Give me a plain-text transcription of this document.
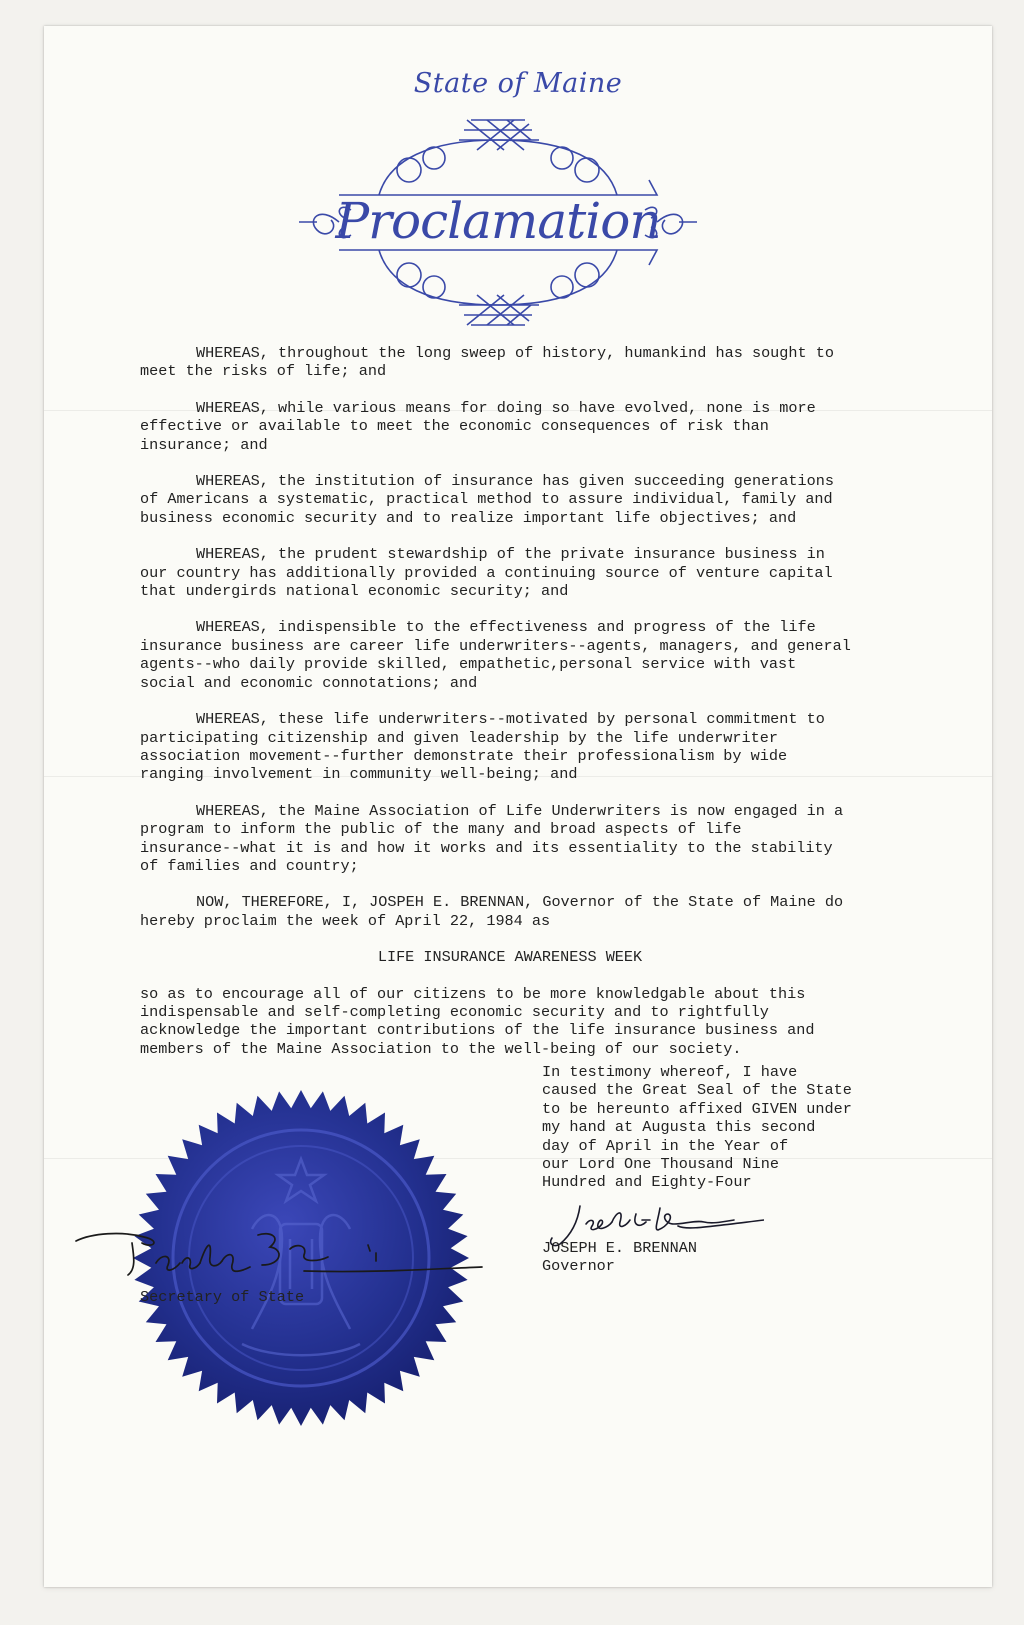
State of Maine
Proclamation

WHEREAS, throughout the long sweep of history, humankind has sought to
meet the risks of life; and

WHEREAS, while various means for doing so have evolved, none is more
effective or available to meet the economic consequences of risk than
insurance; and

WHEREAS, the institution of insurance has given succeeding generations
of Americans a systematic, practical method to assure individual, family and
business economic security and to realize important life objectives; and

WHEREAS, the prudent stewardship of the private insurance business in
our country has additionally provided a continuing source of venture capital
that undergirds national economic security; and

WHEREAS, indispensible to the effectiveness and progress of the life
insurance business are career life underwriters--agents, managers, and general
agents--who daily provide skilled, empathetic,personal service with vast
social and economic connotations; and

WHEREAS, these life underwriters--motivated by personal commitment to
participating citizenship and given leadership by the life underwriter
association movement--further demonstrate their professionalism by wide
ranging involvement in community well-being; and

WHEREAS, the Maine Association of Life Underwriters is now engaged in a
program to inform the public of the many and broad aspects of life
insurance--what it is and how it works and its essentiality to the stability
of families and country;

NOW, THEREFORE, I, JOSPEH E. BRENNAN, Governor of the State of Maine do
hereby proclaim the week of April 22, 1984 as

LIFE INSURANCE AWARENESS WEEK

so as to encourage all of our citizens to be more knowledgable about this
indispensable and self-completing economic security and to rightfully
acknowledge the important contributions of the life insurance business and
members of the Maine Association to the well-being of our society.

In testimony whereof, I have
caused the Great Seal of the State
to be hereunto affixed GIVEN under
my hand at Augusta this second
day of April in the Year of
our Lord One Thousand Nine
Hundred and Eighty-Four
JOSEPH E. BRENNAN
Governor
Secretary of State
